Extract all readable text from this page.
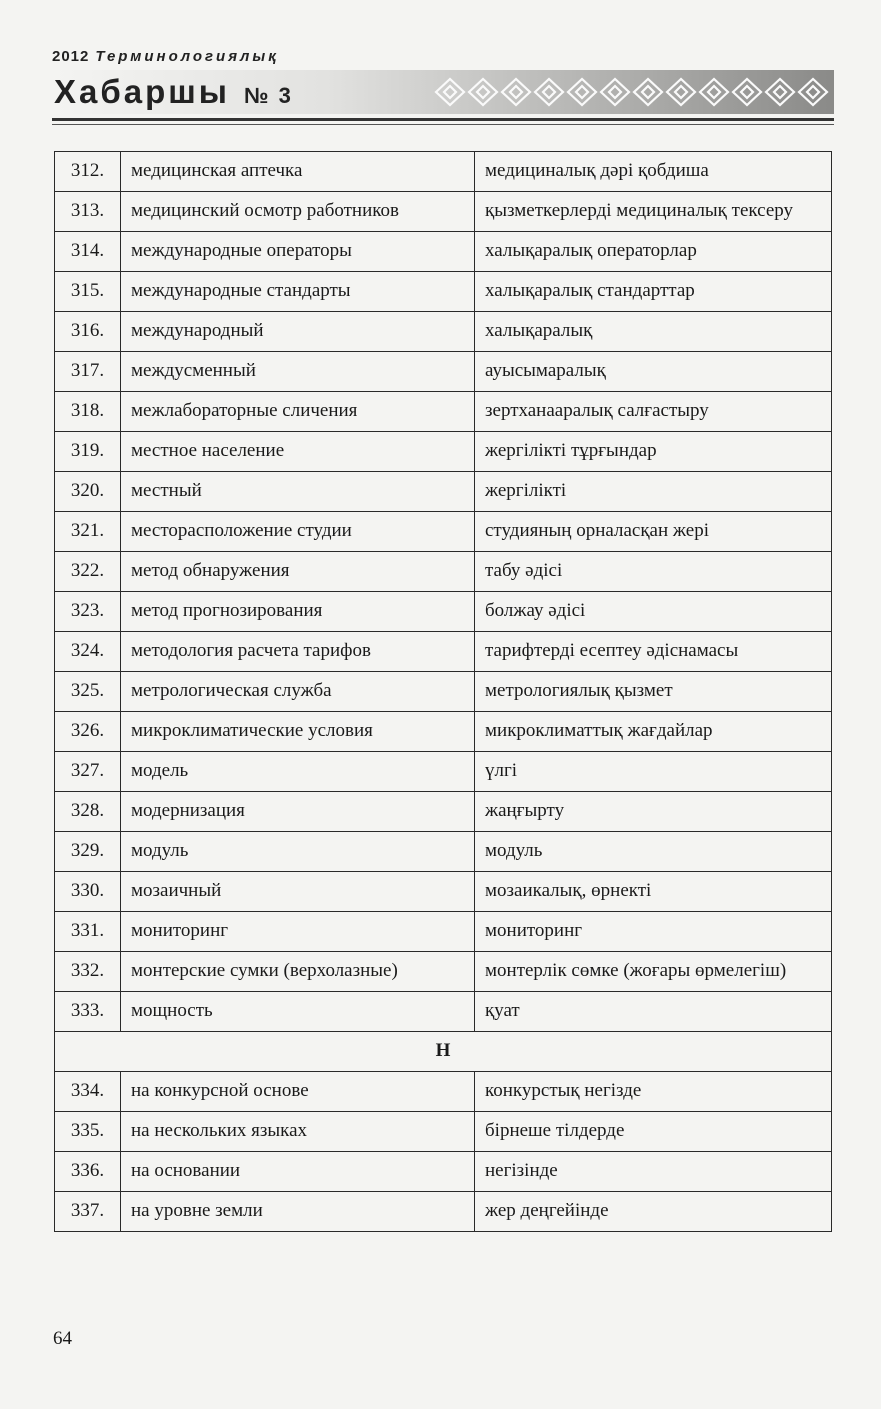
2012 Терминологиялық
Хабаршы № 3
312.	медицинская аптечка	медициналық дәрі қобдиша
313.	медицинский осмотр работников	қызметкерлерді медициналық тексеру
314.	международные операторы	халықаралық операторлар
315.	международные стандарты	халықаралық стандарттар
316.	международный	халықаралық
317.	междусменный	ауысымаралық
318.	межлабораторные сличения	зертханааралық салғастыру
319.	местное население	жергілікті тұрғындар
320.	местный	жергілікті
321.	месторасположение студии	студияның орналасқан жері
322.	метод обнаружения	табу әдісі
323.	метод прогнозирования	болжау әдісі
324.	методология расчета тарифов	тарифтерді есептеу әдіснамасы
325.	метрологическая служба	метрологиялық қызмет
326.	микроклиматические условия	микроклиматтық жағдайлар
327.	модель	үлгі
328.	модернизация	жаңғырту
329.	модуль	модуль
330.	мозаичный	мозаикалық, өрнекті
331.	мониторинг	мониторинг
332.	монтерские сумки (верхолазные)	монтерлік сөмке (жоғары өрмелегіш)
333.	мощность	қуат
Н		
334.	на конкурсной основе	конкурстық негізде
335.	на нескольких языках	бірнеше тілдерде
336.	на основании	негізінде
337.	на уровне земли	жер деңгейінде
64
